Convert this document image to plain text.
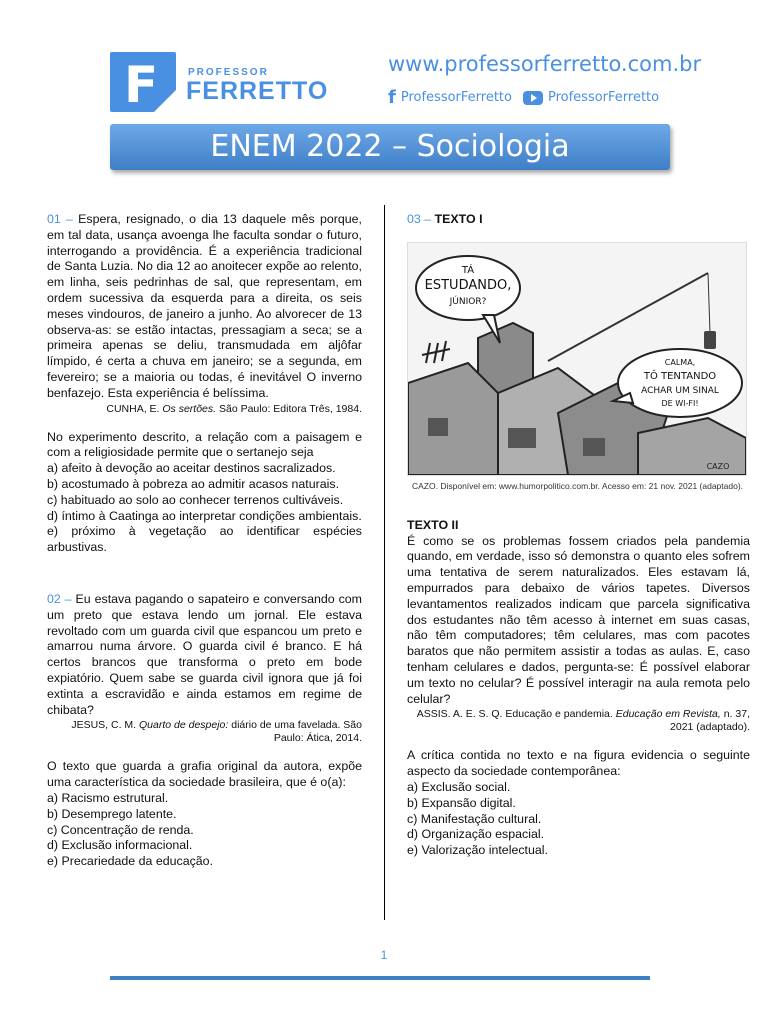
F	PROFESSOR
FERRETTO
www.professorferretto.com.br
f ProfessorFerretto	ProfessorFerretto
ENEM 2022 – Sociologia

01 – Espera, resignado, o dia 13 daquele mês porque, em tal data, usança avoenga lhe faculta sondar o futuro, interrogando a providência. É a experiência tradicional de Santa Luzia. No dia 12 ao anoitecer expõe ao relento, em linha, seis pedrinhas de sal, que representam, em ordem sucessiva da esquerda para a direita, os seis meses vindouros, de janeiro a junho. Ao alvorecer de 13 observa-as: se estão intactas, pressagiam a seca; se a primeira apenas se deliu, transmudada em aljôfar límpido, é certa a chuva em janeiro; se a segunda, em fevereiro; se a maioria ou todas, é inevitável O inverno benfazejo. Esta experiência é belíssima.

CUNHA, E. Os sertões. São Paulo: Editora Três, 1984.

No experimento descrito, a relação com a paisagem e com a religiosidade permite que o sertanejo seja

a) afeito à devoção ao aceitar destinos sacralizados.

b) acostumado à pobreza ao admitir acasos naturais.

c) habituado ao solo ao conhecer terrenos cultiváveis.

d) íntimo à Caatinga ao interpretar condições ambientais.

e) próximo à vegetação ao identificar espécies arbustivas.

02 – Eu estava pagando o sapateiro e conversando com um preto que estava lendo um jornal. Ele estava revoltado com um guarda civil que espancou um preto e amarrou numa árvore. O guarda civil é branco. E há certos brancos que transforma o preto em bode expiatório. Quem sabe se guarda civil ignora que já foi extinta a escravidão e ainda estamos em regime de chibata?

JESUS, C. M. Quarto de despejo: diário de uma favelada. São Paulo: Ática, 2014.

O texto que guarda a grafia original da autora, expõe uma característica da sociedade brasileira, que é o(a):

a) Racismo estrutural.

b) Desemprego latente.

c) Concentração de renda.

d) Exclusão informacional.

e) Precariedade da educação.

03 – TEXTO I

TÁ
ESTUDANDO,
JÚNIOR?
CALMA,
TÔ TENTANDO
ACHAR UM SINAL
DE WI-FI!
CAZO
CAZO. Disponível em: www.humorpolitico.com.br. Acesso em: 21 nov. 2021 (adaptado).

TEXTO II

É como se os problemas fossem criados pela pandemia quando, em verdade, isso só demonstra o quanto eles sofrem uma tentativa de serem naturalizados. Eles estavam lá, empurrados para debaixo de vários tapetes. Diversos levantamentos realizados indicam que parcela significativa dos estudantes não têm acesso à internet em suas casas, não têm computadores; têm celulares, mas com pacotes baratos que não permitem assistir a todas as aulas. E, caso tenham celulares e dados, pergunta-se: É possível elaborar um texto no celular? É possível interagir na aula remota pelo celular?

ASSIS. A. E. S. Q. Educação e pandemia. Educação em Revista, n. 37, 2021 (adaptado).

A crítica contida no texto e na figura evidencia o seguinte aspecto da sociedade contemporânea:

a) Exclusão social.

b) Expansão digital.

c) Manifestação cultural.

d) Organização espacial.

e) Valorização intelectual.

1
